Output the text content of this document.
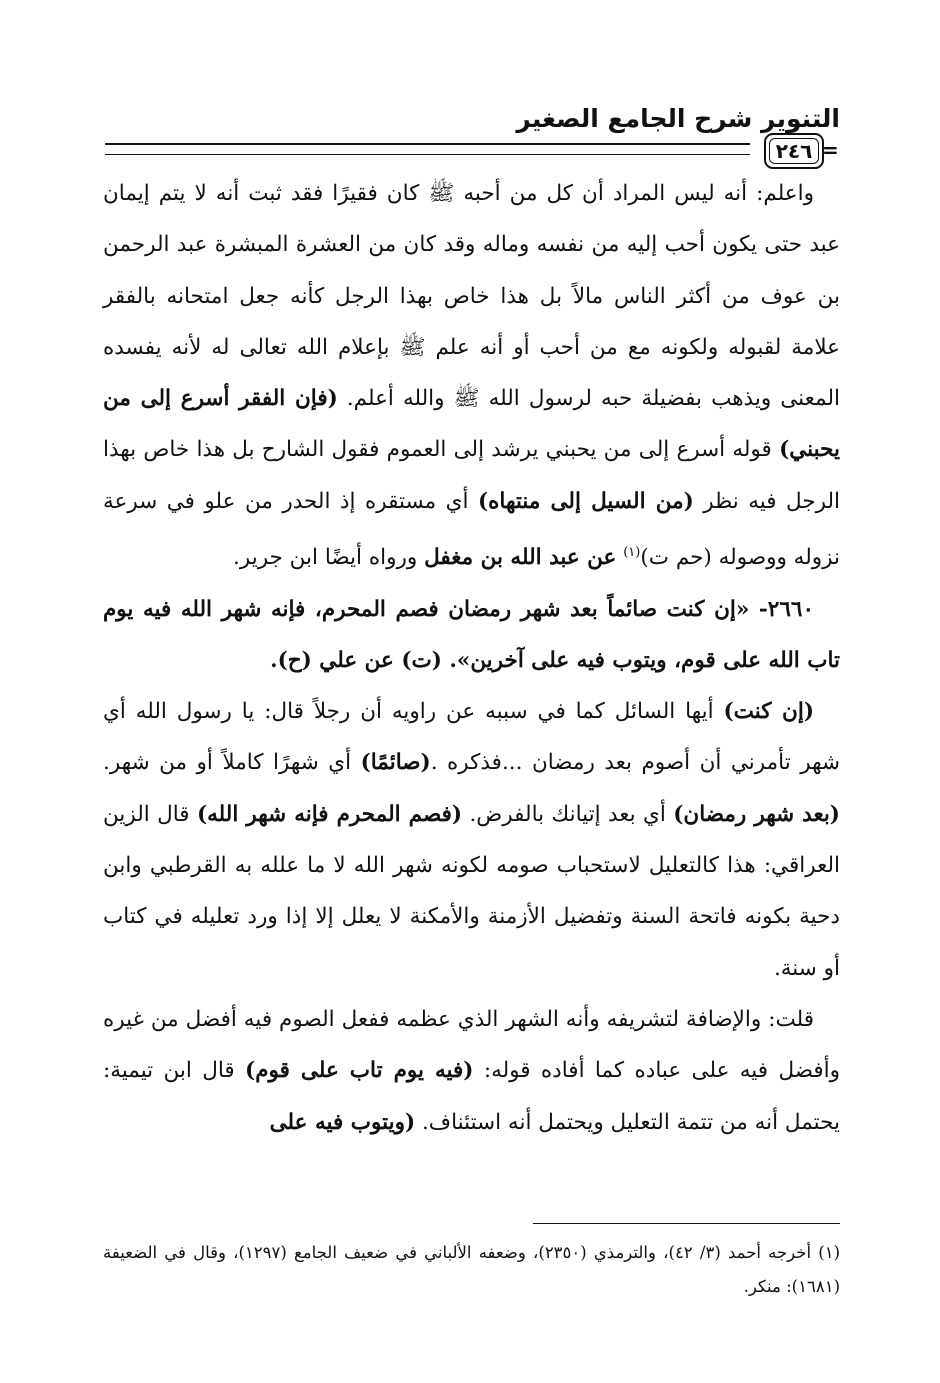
التنوير شرح الجامع الصغير
٢٤٦ =

واعلم: أنه ليس المراد أن كل من أحبه ﷺ كان فقيرًا فقد ثبت أنه لا يتم إيمان عبد حتى يكون أحب إليه من نفسه وماله وقد كان من العشرة المبشرة عبد الرحمن بن عوف من أكثر الناس مالاً بل هذا خاص بهذا الرجل كأنه جعل امتحانه بالفقر علامة لقبوله ولكونه مع من أحب أو أنه علم ﷺ بإعلام الله تعالى له لأنه يفسده المعنى ويذهب بفضيلة حبه لرسول الله ﷺ والله أعلم. (فإن الفقر أسرع إلى من يحبني) قوله أسرع إلى من يحبني يرشد إلى العموم فقول الشارح بل هذا خاص بهذا الرجل فيه نظر (من السيل إلى منتهاه) أي مستقره إذ الحدر من علو في سرعة نزوله ووصوله (حم ت)$^{(١)}$ عن عبد الله بن مغفل ورواه أيضًا ابن جرير.

٢٦٦٠- «إن كنت صائماً بعد شهر رمضان فصم المحرم، فإنه شهر الله فيه يوم تاب الله على قوم، ويتوب فيه على آخرين». (ت) عن علي (ح).

(إن كنت) أيها السائل كما في سببه عن راويه أن رجلاً قال: يا رسول الله أي شهر تأمرني أن أصوم بعد رمضان ...فذكره .(صائمًا) أي شهرًا كاملاً أو من شهر. (بعد شهر رمضان) أي بعد إتيانك بالفرض. (فصم المحرم فإنه شهر الله) قال الزين العراقي: هذا كالتعليل لاستحباب صومه لكونه شهر الله لا ما علله به القرطبي وابن دحية بكونه فاتحة السنة وتفضيل الأزمنة والأمكنة لا يعلل إلا إذا ورد تعليله في كتاب أو سنة.

قلت: والإضافة لتشريفه وأنه الشهر الذي عظمه ففعل الصوم فيه أفضل من غيره وأفضل فيه على عباده كما أفاده قوله: (فيه يوم تاب على قوم) قال ابن تيمية: يحتمل أنه من تتمة التعليل ويحتمل أنه استئناف. (ويتوب فيه على

(١) أخرجه أحمد (٣/ ٤٢)، والترمذي (٢٣٥٠)، وضعفه الألباني في ضعيف الجامع (١٢٩٧)، وقال في الضعيفة (١٦٨١): منكر.
